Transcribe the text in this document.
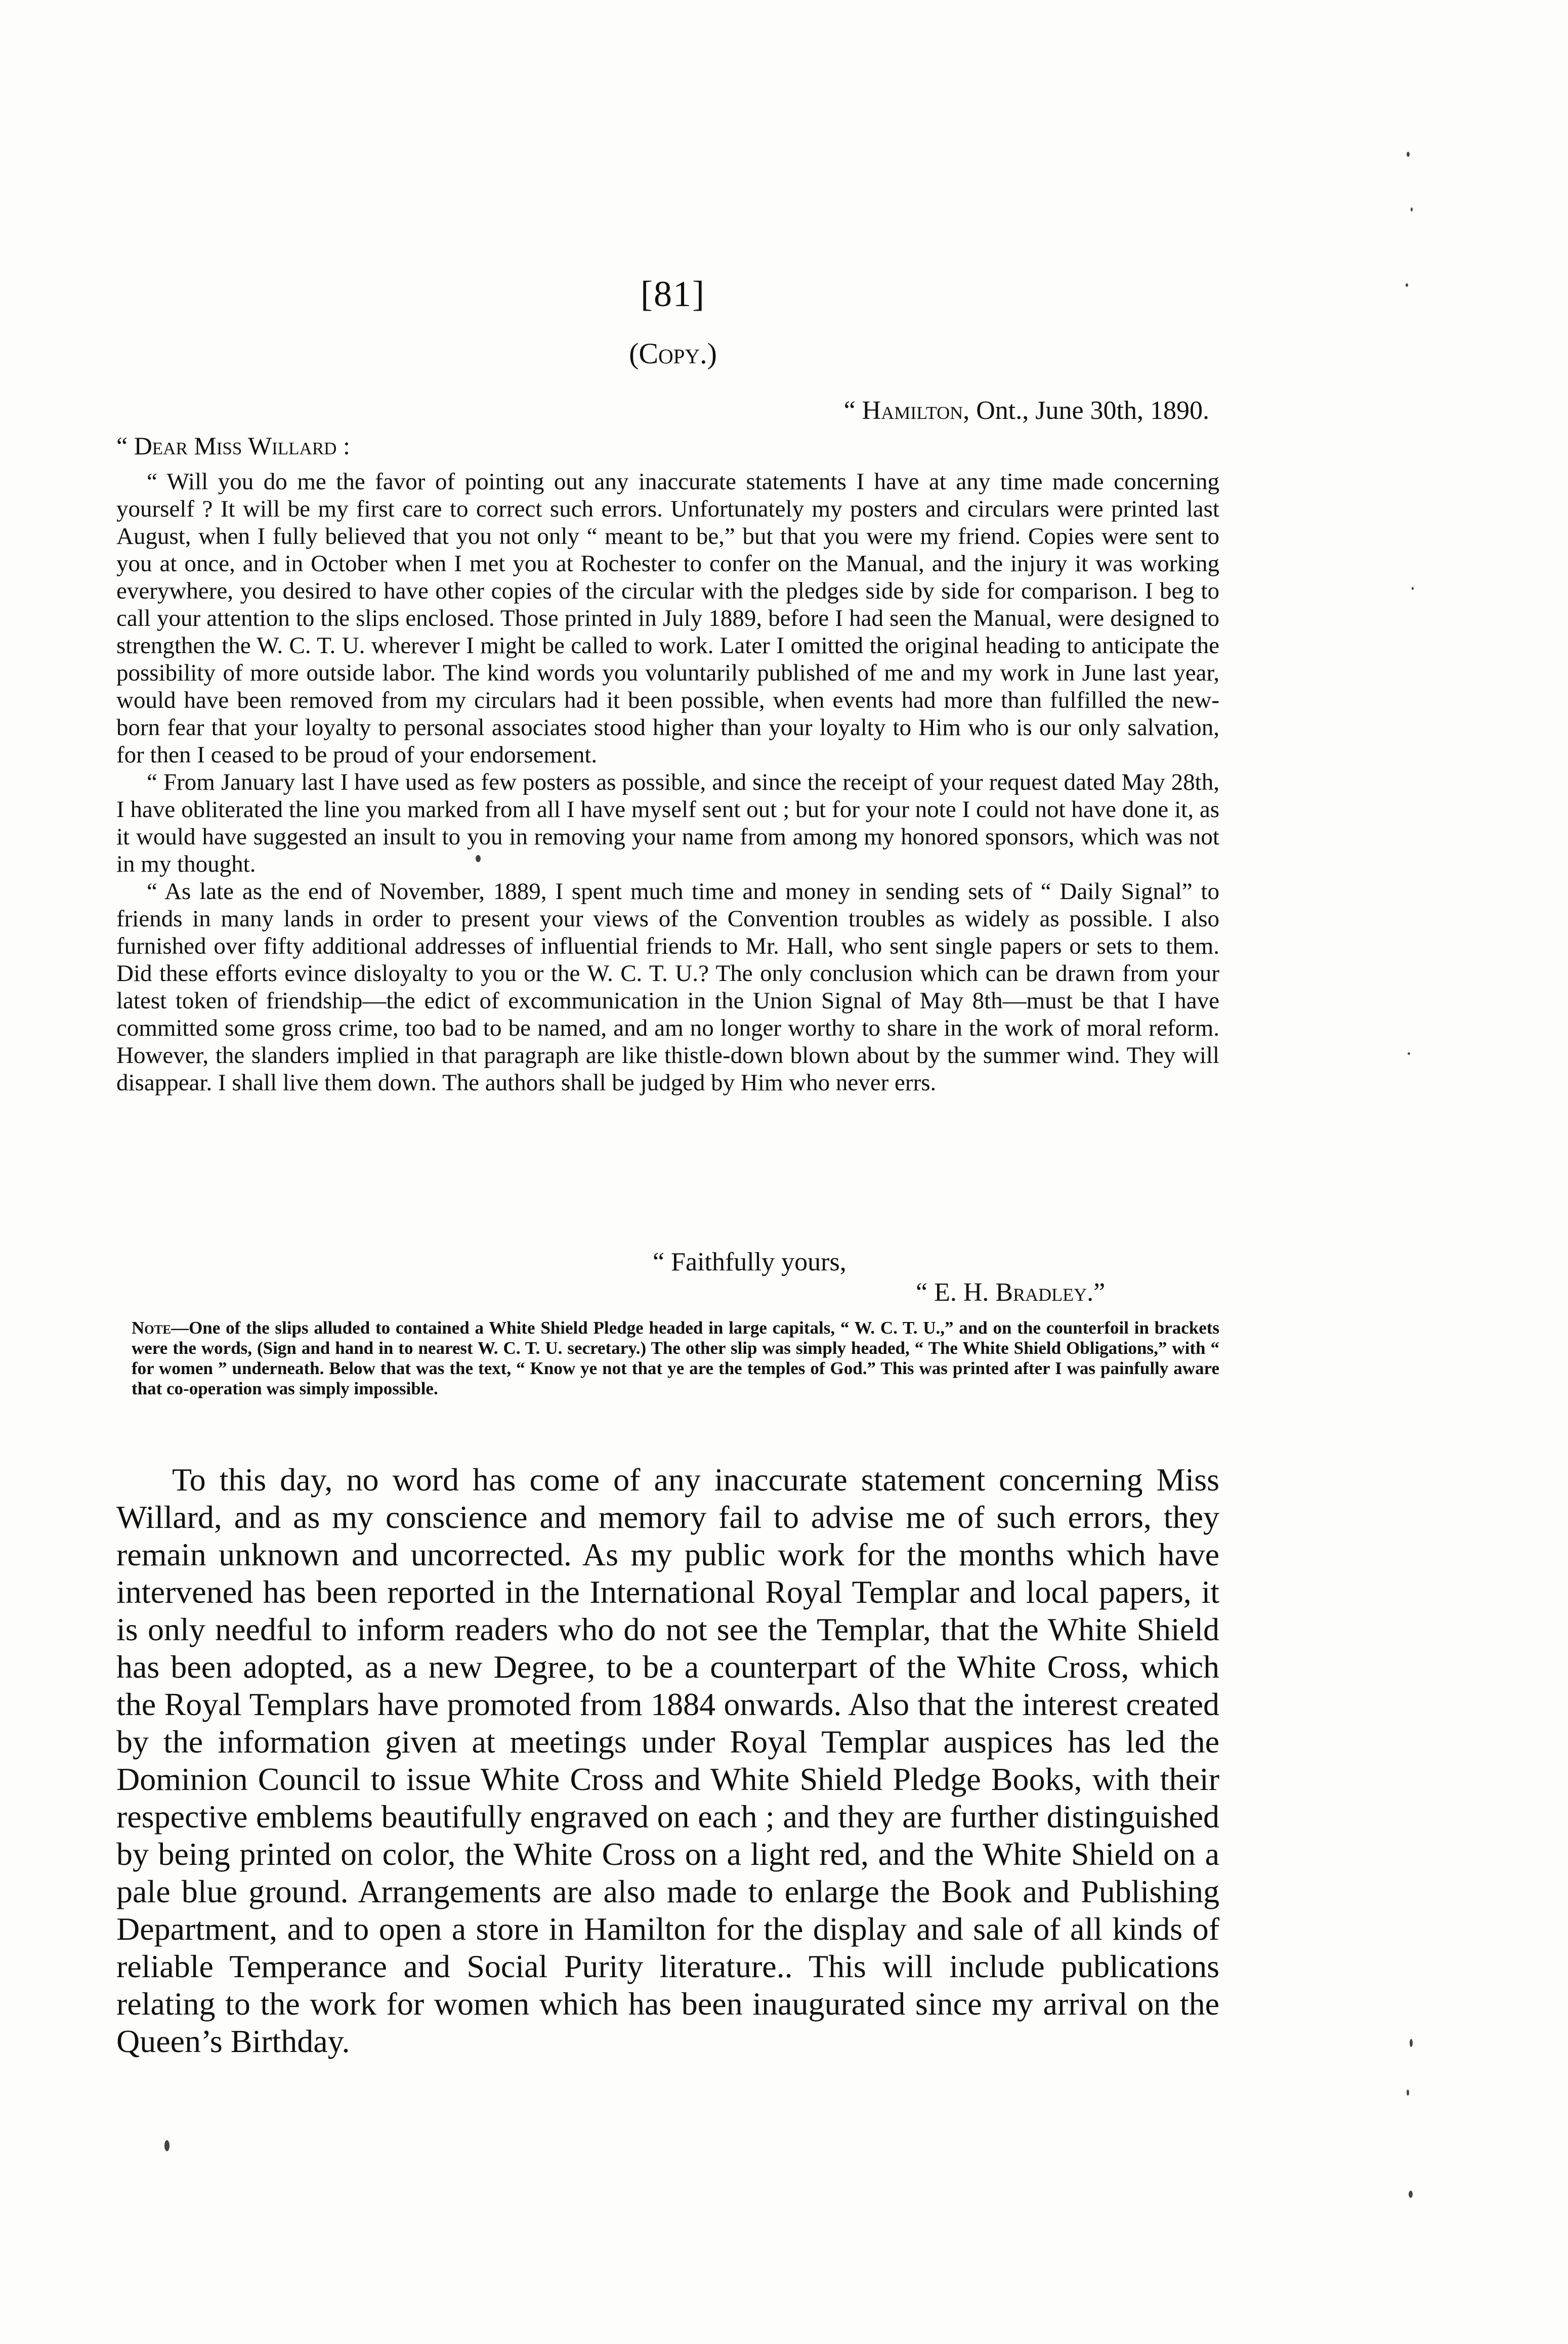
[81]
(Copy.)
“ Hamilton, Ont., June 30th, 1890.
“ Dear Miss Willard :

“ Will you do me the favor of pointing out any inaccurate statements I have at any time made concerning yourself ? It will be my first care to correct such errors. Unfortunately my posters and circulars were printed last August, when I fully believed that you not only “ meant to be,” but that you were my friend. Copies were sent to you at once, and in October when I met you at Rochester to confer on the Manual, and the injury it was working everywhere, you desired to have other copies of the circular with the pledges side by side for comparison. I beg to call your attention to the slips enclosed. Those printed in July 1889, before I had seen the Manual, were designed to strengthen the W. C. T. U. wherever I might be called to work. Later I omitted the original heading to anticipate the possibility of more outside labor. The kind words you voluntarily published of me and my work in June last year, would have been removed from my circulars had it been possible, when events had more than fulfilled the new-born fear that your loyalty to personal associates stood higher than your loyalty to Him who is our only salvation, for then I ceased to be proud of your endorsement.

“ From January last I have used as few posters as possible, and since the receipt of your request dated May 28th, I have obliterated the line you marked from all I have myself sent out ; but for your note I could not have done it, as it would have suggested an insult to you in removing your name from among my honored sponsors, which was not in my thought.

“ As late as the end of November, 1889, I spent much time and money in sending sets of “ Daily Signal” to friends in many lands in order to present your views of the Convention troubles as widely as possible. I also furnished over fifty additional addresses of influential friends to Mr. Hall, who sent single papers or sets to them. Did these efforts evince disloyalty to you or the W. C. T. U.? The only conclusion which can be drawn from your latest token of friendship—the edict of excommunication in the Union Signal of May 8th—must be that I have committed some gross crime, too bad to be named, and am no longer worthy to share in the work of moral reform. However, the slanders implied in that paragraph are like thistle-down blown about by the summer wind. They will disappear. I shall live them down. The authors shall be judged by Him who never errs.

“ Faithfully yours,
“ E. H. Bradley.”
Note—One of the slips alluded to contained a White Shield Pledge headed in large capitals, “ W. C. T. U.,” and on the counterfoil in brackets were the words, (Sign and hand in to nearest W. C. T. U. secretary.) The other slip was simply headed, “ The White Shield Obligations,” with “ for women ” underneath. Below that was the text, “ Know ye not that ye are the temples of God.” This was printed after I was painfully aware that co-operation was simply impossible.
To this day, no word has come of any inaccurate statement concerning Miss Willard, and as my conscience and memory fail to advise me of such errors, they remain unknown and uncorrected. As my public work for the months which have intervened has been reported in the International Royal Templar and local papers, it is only needful to inform readers who do not see the Templar, that the White Shield has been adopted, as a new Degree, to be a counterpart of the White Cross, which the Royal Templars have promoted from 1884 onwards. Also that the interest created by the information given at meetings under Royal Templar auspices has led the Dominion Council to issue White Cross and White Shield Pledge Books, with their respective emblems beautifully engraved on each ; and they are further distinguished by being printed on color, the White Cross on a light red, and the White Shield on a pale blue ground. Arrangements are also made to enlarge the Book and Publishing Department, and to open a store in Hamilton for the display and sale of all kinds of reliable Temperance and Social Purity literature.. This will include publications relating to the work for women which has been inaugurated since my arrival on the Queen’s Birthday.
